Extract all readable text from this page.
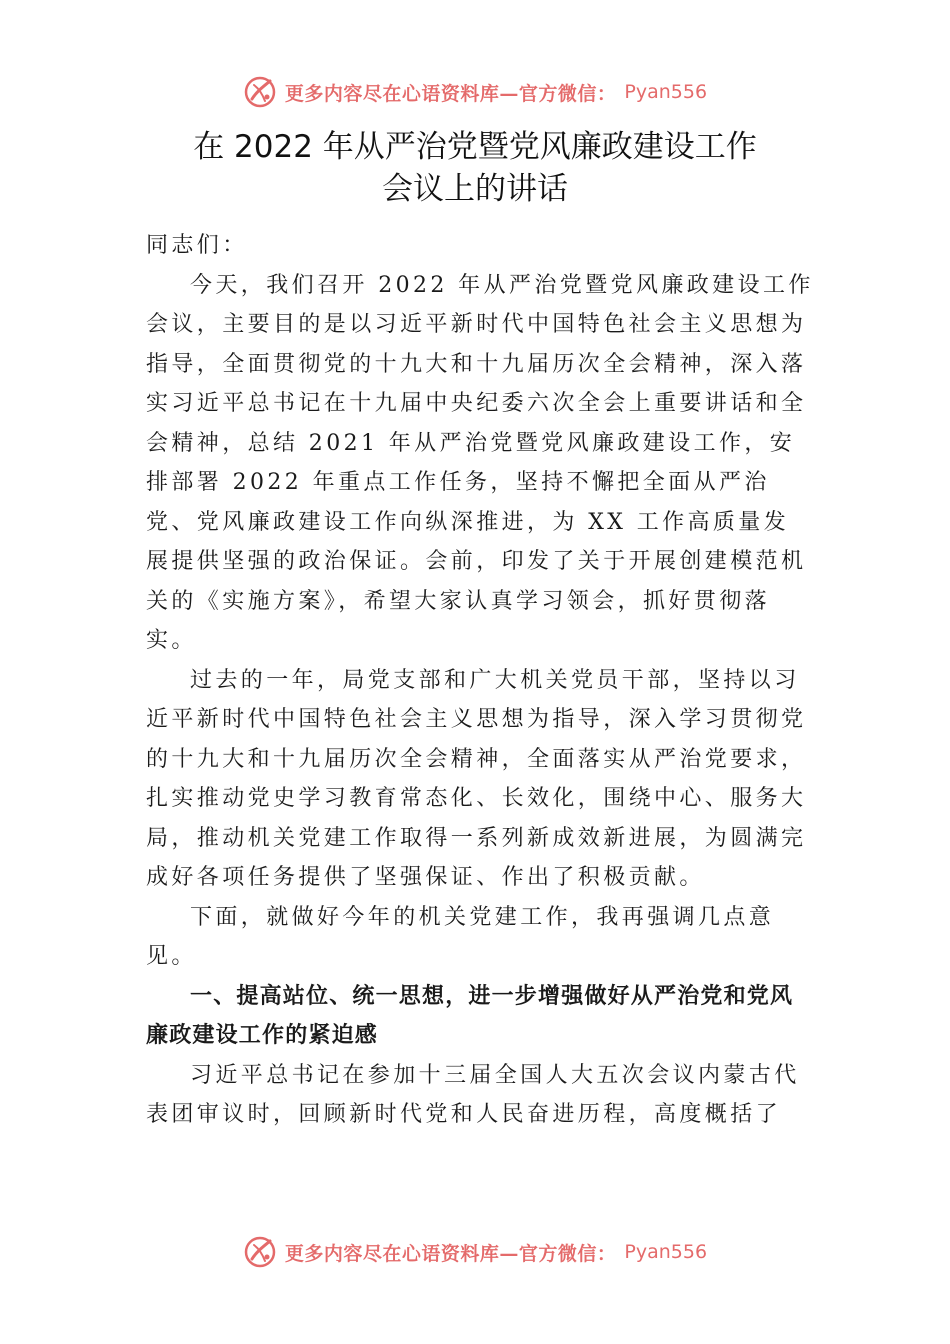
更多内容尽在心语资料库—官方微信： Pyan556
在 2022 年从严治党暨党风廉政建设工作
会议上的讲话

同志们：

今天，我们召开 2022 年从严治党暨党风廉政建设工作会议，主要目的是以习近平新时代中国特色社会主义思想为指导，全面贯彻党的十九大和十九届历次全会精神，深入落实习近平总书记在十九届中央纪委六次全会上重要讲话和全会精神，总结 2021 年从严治党暨党风廉政建设工作，安

排部署 2022 年重点工作任务，坚持不懈把全面从严治党、党风廉政建设工作向纵深推进，为 XX 工作高质量发展提供坚强的政治保证。会前，印发了关于开展创建模范机关的《实施方案》，希望大家认真学习领会，抓好贯彻落实。

过去的一年，局党支部和广大机关党员干部，坚持以习近平新时代中国特色社会主义思想为指导，深入学习贯彻党的十九大和十九届历次全会精神，全面落实从严治党要求，扎实推动党史学习教育常态化、长效化，围绕中心、服务大局，推动机关党建工作取得一系列新成效新进展，为圆满完成好各项任务提供了坚强保证、作出了积极贡献。

下面，就做好今年的机关党建工作，我再强调几点意见。

一、提高站位、统一思想，进一步增强做好从严治党和党风廉政建设工作的紧迫感

习近平总书记在参加十三届全国人大五次会议内蒙古代表团审议时，回顾新时代党和人民奋进历程，高度概括了

更多内容尽在心语资料库—官方微信： Pyan556
